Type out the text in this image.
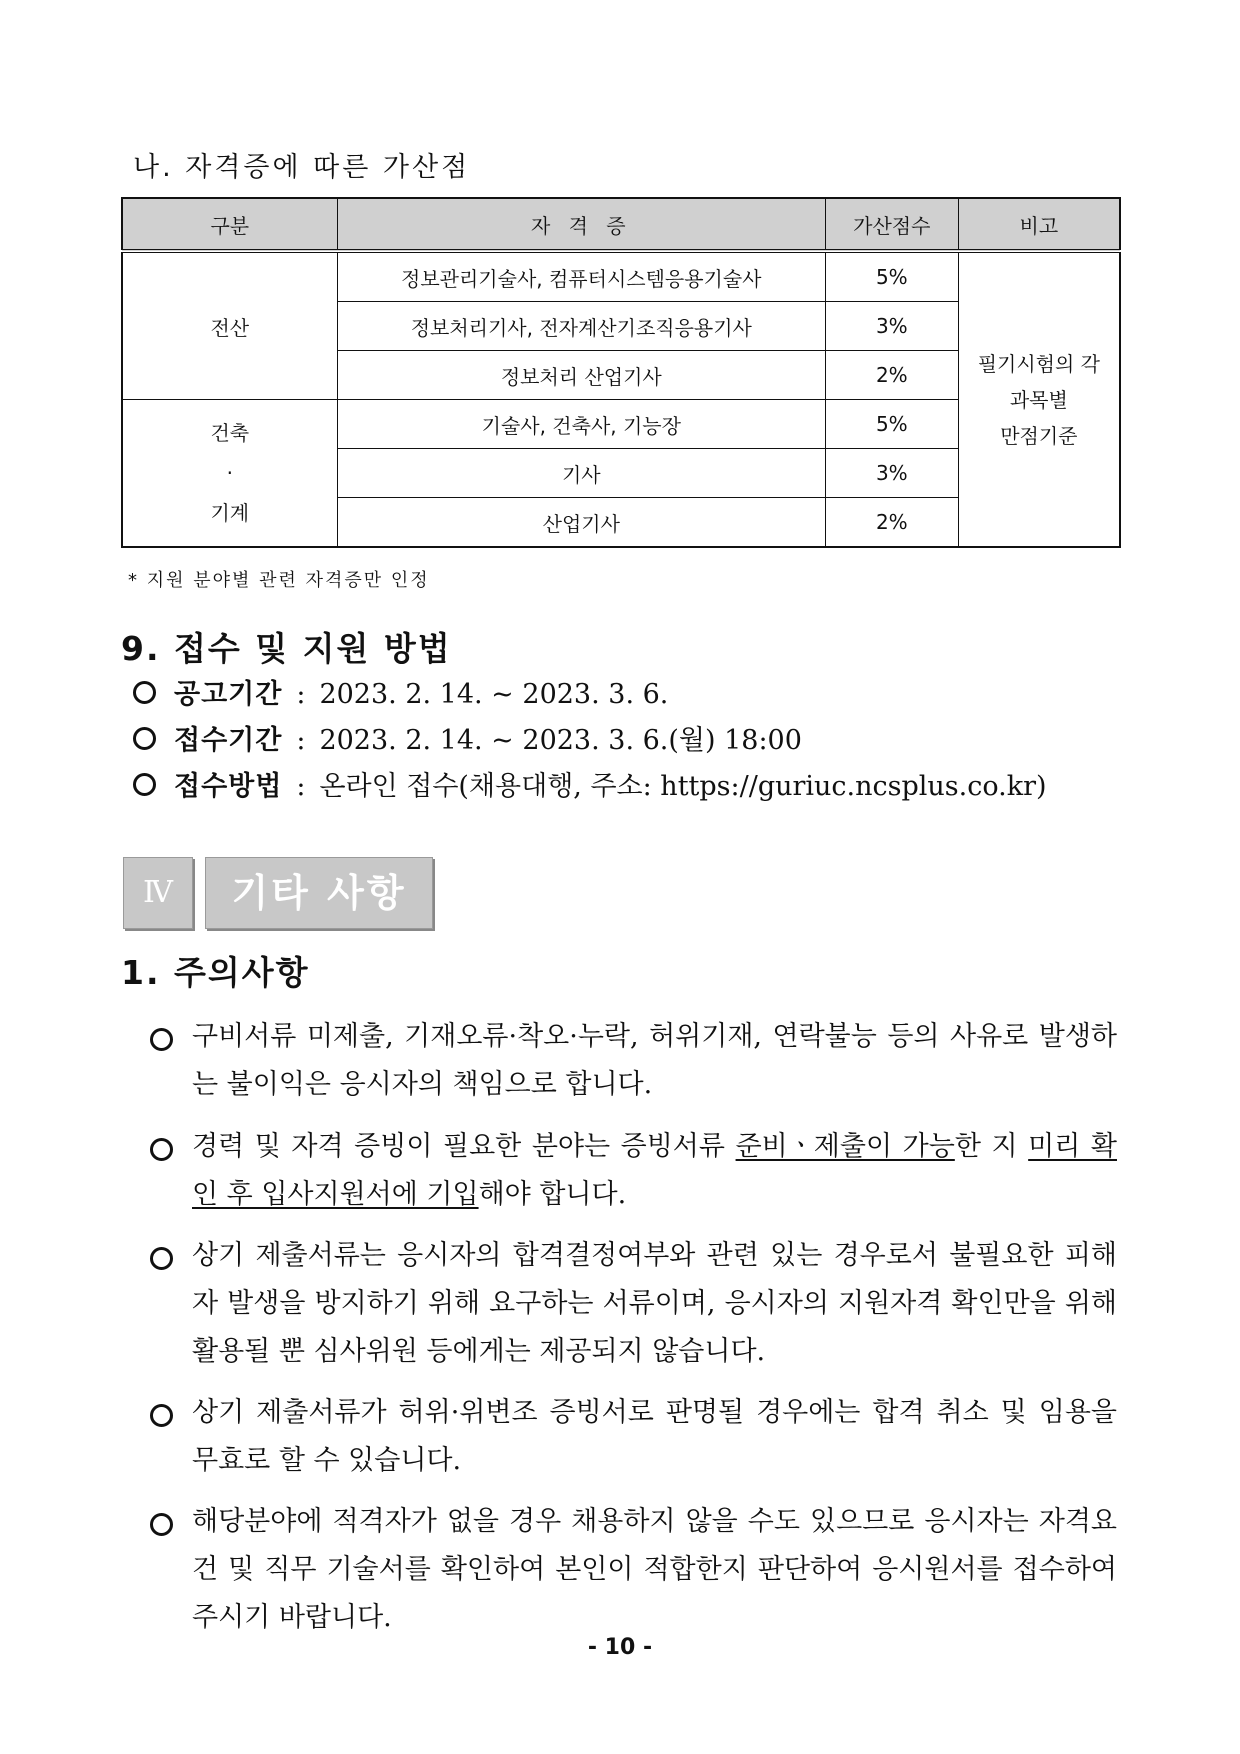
나. 자격증에 따른 가산점
구분	자 격 증	가산점수	비고
전산	정보관리기술사, 컴퓨터시스템응용기술사	5%	필기시험의 각
과목별
만점기준

	정보처리기사, 전자계산기조직응용기사	3%	
	정보처리 산업기사	2%	

건축
·
기계	기술사, 건축사, 기능장	5%	
	기사	3%	
	산업기사	2%	
* 지원 분야별 관련 자격증만 인정
9. 접수 및 지원 방법
공고기간 : 2023. 2. 14. ~ 2023. 3. 6.
접수기간 : 2023. 2. 14. ~ 2023. 3. 6.(월) 18:00
접수방법 : 온라인 접수(채용대행, 주소: https://guriuc.ncsplus.co.kr)
Ⅳ	기타 사항
1. 주의사항
구비서류 미제출, 기재오류·착오·누락, 허위기재, 연락불능 등의 사유로 발생하는 불이익은 응시자의 책임으로 합니다.
경력 및 자격 증빙이 필요한 분야는 증빙서류 준비ㆍ제출이 가능한 지 미리 확인 후 입사지원서에 기입해야 합니다.
상기 제출서류는 응시자의 합격결정여부와 관련 있는 경우로서 불필요한 피해자 발생을 방지하기 위해 요구하는 서류이며, 응시자의 지원자격 확인만을 위해 활용될 뿐 심사위원 등에게는 제공되지 않습니다.
상기 제출서류가 허위·위변조 증빙서로 판명될 경우에는 합격 취소 및 임용을 무효로 할 수 있습니다.
해당분야에 적격자가 없을 경우 채용하지 않을 수도 있으므로 응시자는 자격요건 및 직무 기술서를 확인하여 본인이 적합한지 판단하여 응시원서를 접수하여 주시기 바랍니다.
- 10 -
